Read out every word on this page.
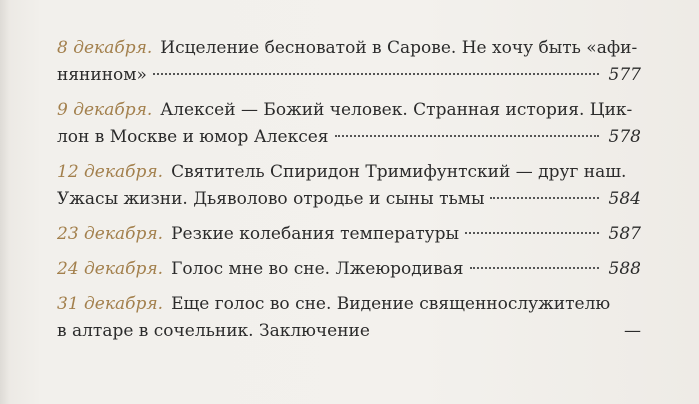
8 декабря. Исцеление бесноватой в Сарове. Не хочу быть «афи-
нянином»	577
9 декабря. Алексей — Божий человек. Странная история. Цик-
лон в Москве и юмор Алексея	578
12 декабря. Святитель Спиридон Тримифунтский — друг наш.
Ужасы жизни. Дьяволово отродье и сыны тьмы	584
23 декабря. Резкие колебания температуры	587
24 декабря. Голос мне во сне. Лжеюродивая	588
31 декабря. Еще голос во сне. Видение священнослужителю
в алтаре в сочельник. Заключение	—
